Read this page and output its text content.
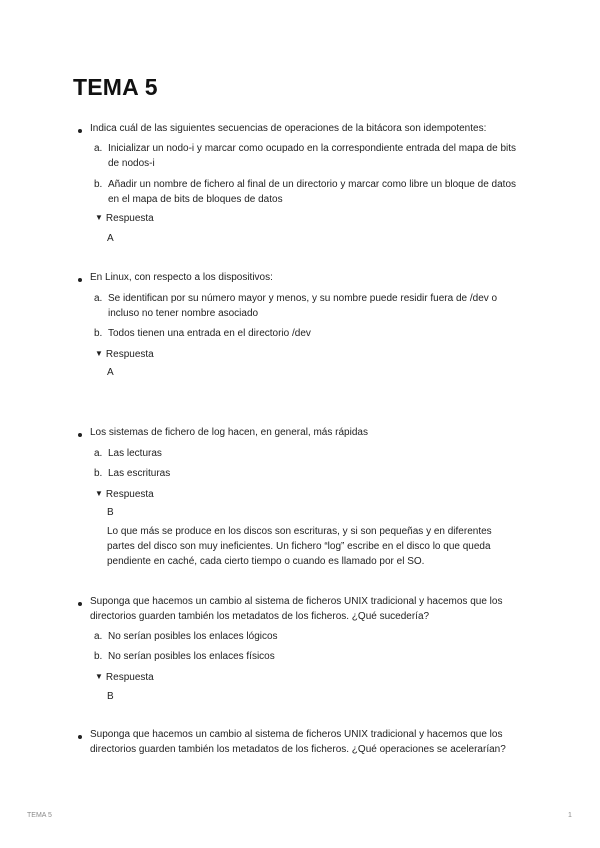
TEMA 5
Indica cuál de las siguientes secuencias de operaciones de la bitácora son idempotentes:
a. Inicializar un nodo-i y marcar como ocupado en la correspondiente entrada del mapa de bits de nodos-i
b. Añadir un nombre de fichero al final de un directorio y marcar como libre un bloque de datos en el mapa de bits de bloques de datos
▼ Respuesta
A
En Linux, con respecto a los dispositivos:
a. Se identifican por su número mayor y menos, y su nombre puede residir fuera de /dev o incluso no tener nombre asociado
b. Todos tienen una entrada en el directorio /dev
▼ Respuesta
A
Los sistemas de fichero de log hacen, en general, más rápidas
a. Las lecturas
b. Las escrituras
▼ Respuesta
B
Lo que más se produce en los discos son escrituras, y si son pequeñas y en diferentes partes del disco son muy ineficientes. Un fichero “log” escribe en el disco lo que queda pendiente en caché, cada cierto tiempo o cuando es llamado por el SO.
Suponga que hacemos un cambio al sistema de ficheros UNIX tradicional y hacemos que los directorios guarden también los metadatos de los ficheros. ¿Qué sucedería?
a. No serían posibles los enlaces lógicos
b. No serían posibles los enlaces físicos
▼ Respuesta
B
Suponga que hacemos un cambio al sistema de ficheros UNIX tradicional y hacemos que los directorios guarden también los metadatos de los ficheros. ¿Qué operaciones se acelerarían?
TEMA 5	1
